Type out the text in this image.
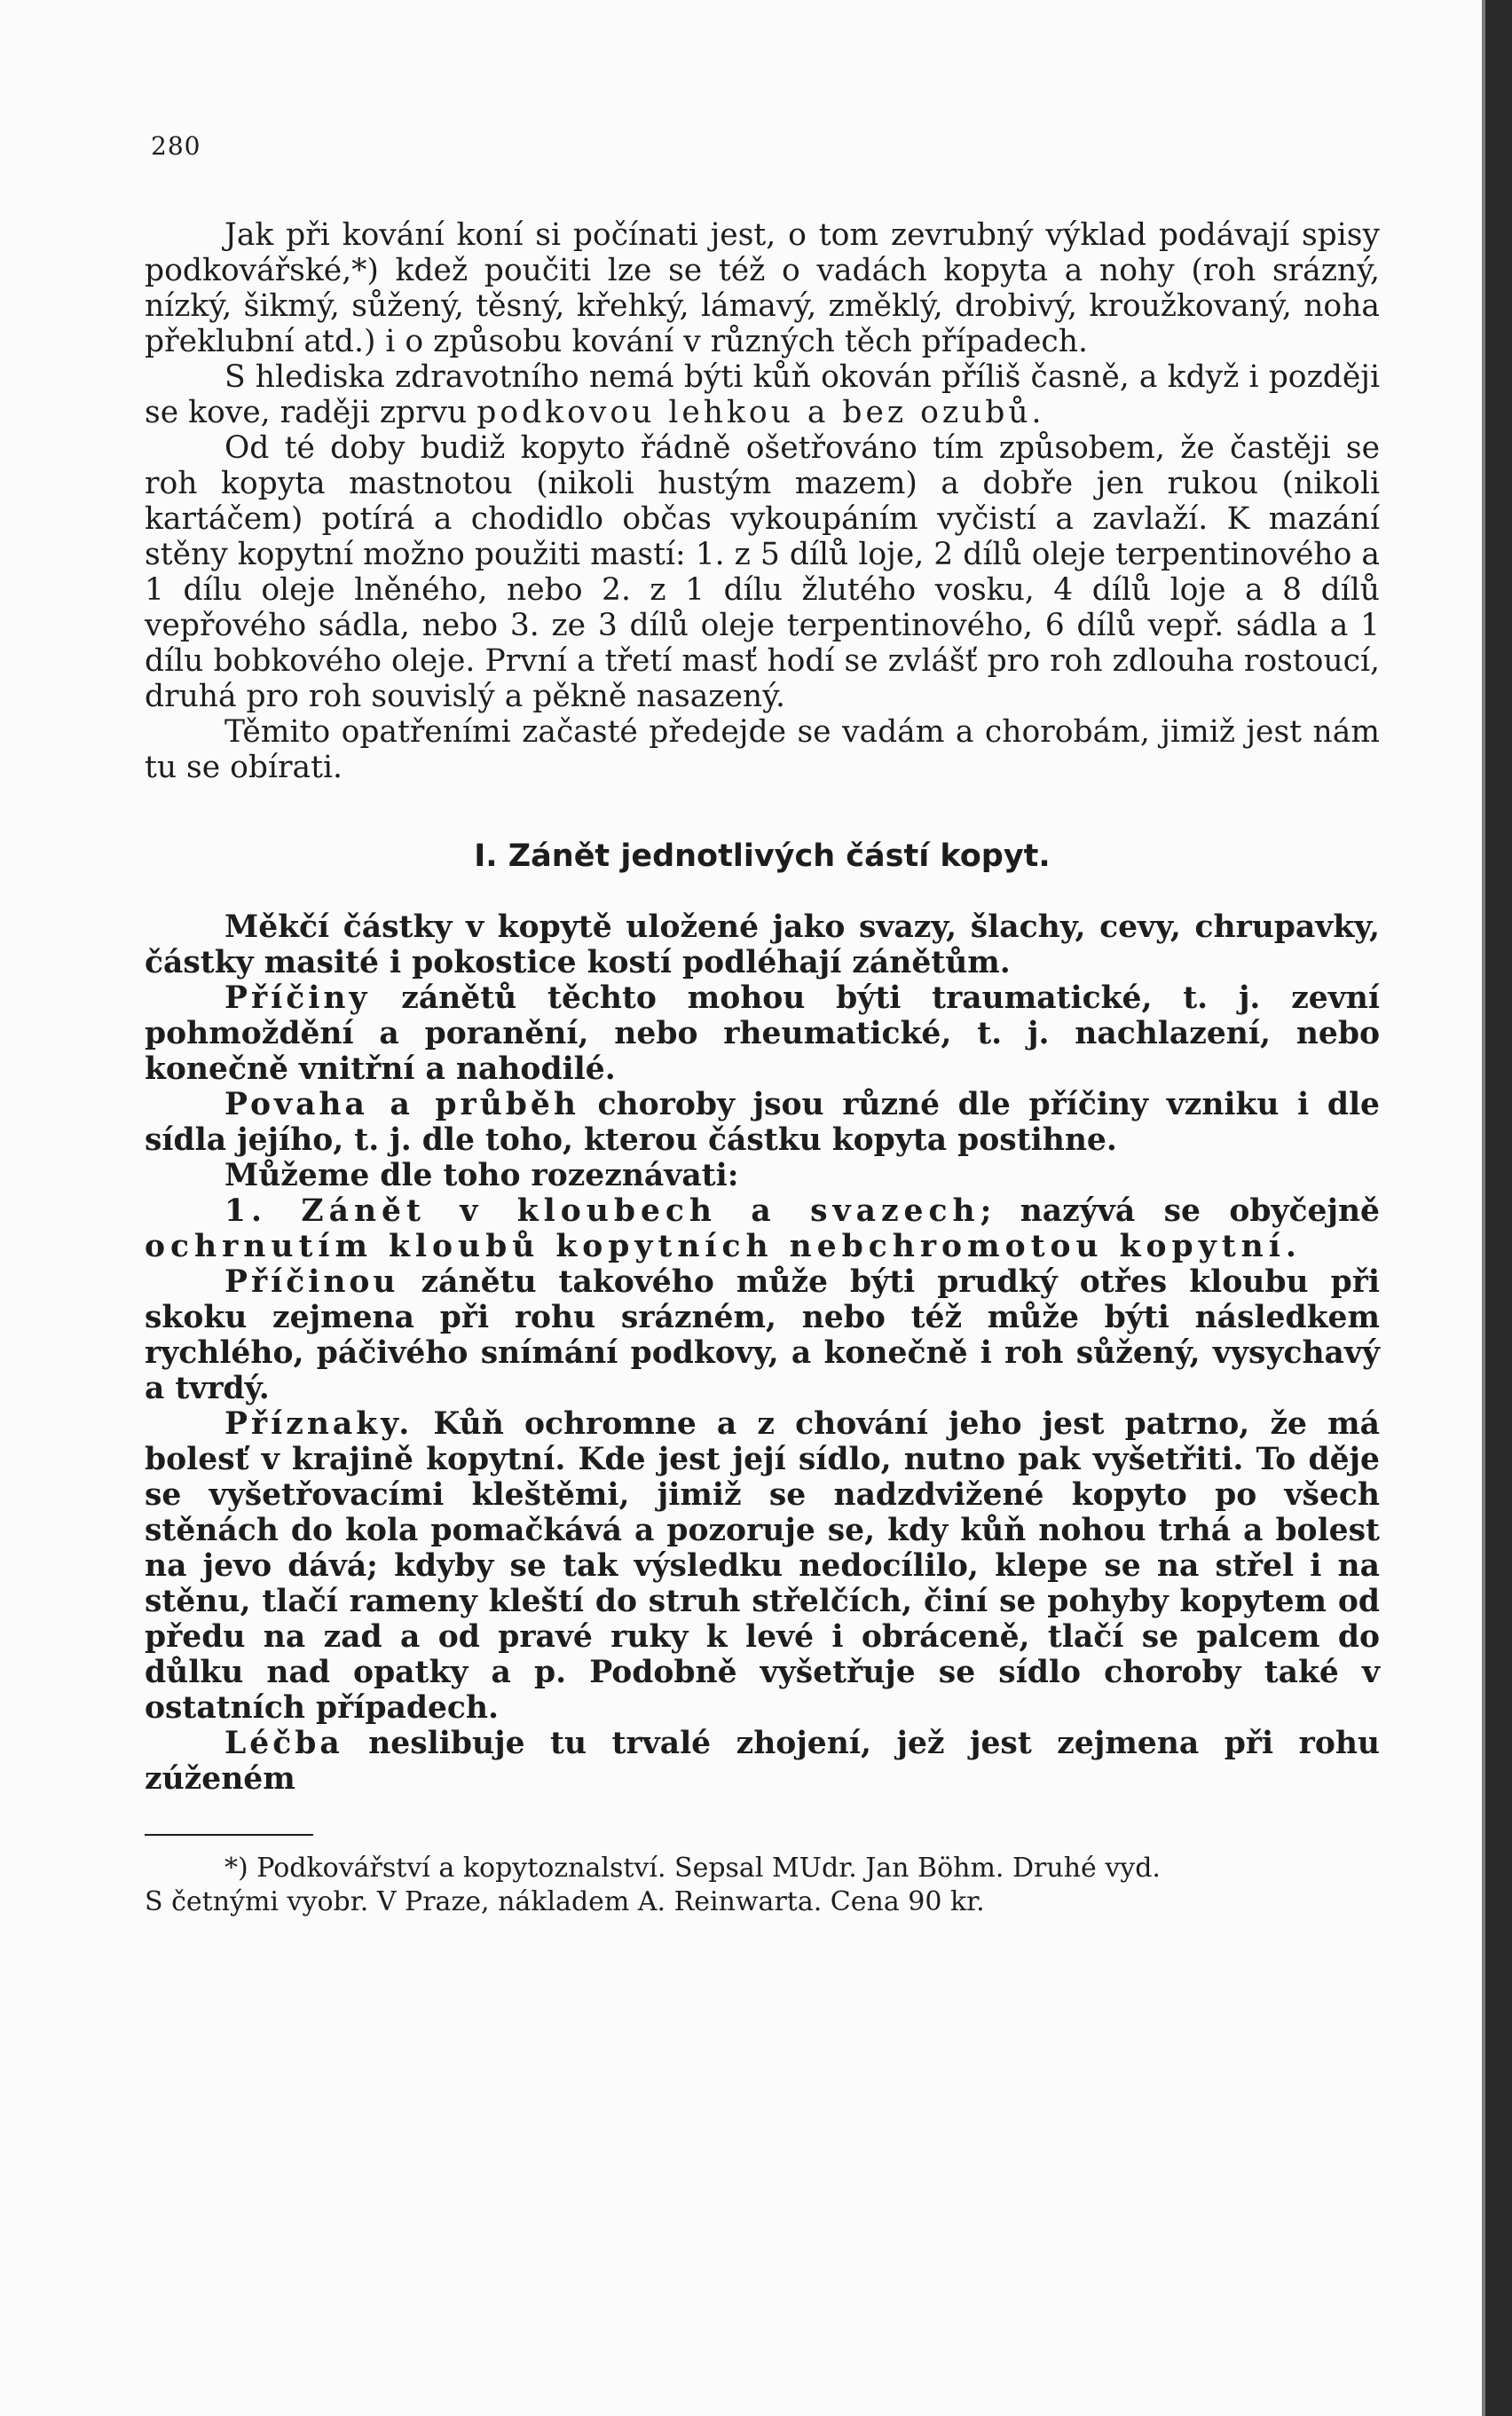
280

Jak při kování koní si počínati jest, o tom zevrubný výklad podávají spisy podkovářské,*) kdež poučiti lze se též o vadách kopyta a nohy (roh srázný, nízký, šikmý, sůžený, těsný, křehký, lámavý, změklý, drobivý, kroužkovaný, noha překlubní atd.) i o způsobu kování v různých těch případech.

S hlediska zdravotního nemá býti kůň okován příliš časně, a když i později se kove, raději zprvu podkovou lehkou a bez ozubů.

Od té doby budiž kopyto řádně ošetřováno tím způsobem, že častěji se roh kopyta mastnotou (nikoli hustým mazem) a dobře jen rukou (nikoli kartáčem) potírá a chodidlo občas vykoupáním vyčistí a zavlaží. K mazání stěny kopytní možno použiti mastí: 1. z 5 dílů loje, 2 dílů oleje terpentinového a 1 dílu oleje lněného, nebo 2. z 1 dílu žlutého vosku, 4 dílů loje a 8 dílů vepřového sádla, nebo 3. ze 3 dílů oleje terpentinového, 6 dílů vepř. sádla a 1 dílu bobkového oleje. První a třetí masť hodí se zvlášť pro roh zdlouha rostoucí, druhá pro roh souvislý a pěkně nasazený.

Těmito opatřeními začasté předejde se vadám a chorobám, jimiž jest nám tu se obírati.

I. Zánět jednotlivých částí kopyt.

Měkčí částky v kopytě uložené jako svazy, šlachy, cevy, chrupavky, částky masité i pokostice kostí podléhají zánětům.

Příčiny zánětů těchto mohou býti traumatické, t. j. zevní pohmoždění a poranění, nebo rheumatické, t. j. nachlazení, nebo konečně vnitřní a nahodilé.

Povaha a průběh choroby jsou různé dle příčiny vzniku i dle sídla jejího, t. j. dle toho, kterou částku kopyta postihne.

Můžeme dle toho rozeznávati:

1. Zánět v kloubech a svazech; nazývá se obyčejně ochrnutím kloubů kopytních nebchromotou kopytní.

Příčinou zánětu takového může býti prudký otřes kloubu při skoku zejmena při rohu srázném, nebo též může býti následkem rychlého, páčivého snímání podkovy, a konečně i roh sůžený, vysychavý a tvrdý.

Příznaky. Kůň ochromne a z chování jeho jest patrno, že má bolesť v krajině kopytní. Kde jest její sídlo, nutno pak vyšetřiti. To děje se vyšetřovacími kleštěmi, jimiž se nadzdvižené kopyto po všech stěnách do kola pomačkává a pozoruje se, kdy kůň nohou trhá a bolest na jevo dává; kdyby se tak výsledku nedocílilo, klepe se na střel i na stěnu, tlačí rameny kleští do struh střelčích, činí se pohyby kopytem od předu na zad a od pravé ruky k levé i obráceně, tlačí se palcem do důlku nad opatky a p. Podobně vyšetřuje se sídlo choroby také v ostatních případech.

Léčba neslibuje tu trvalé zhojení, jež jest zejmena při rohu zúženém

*) Podkovářství a kopytoznalství. Sepsal MUdr. Jan Böhm. Druhé vyd.

S četnými vyobr. V Praze, nákladem A. Reinwarta. Cena 90 kr.
